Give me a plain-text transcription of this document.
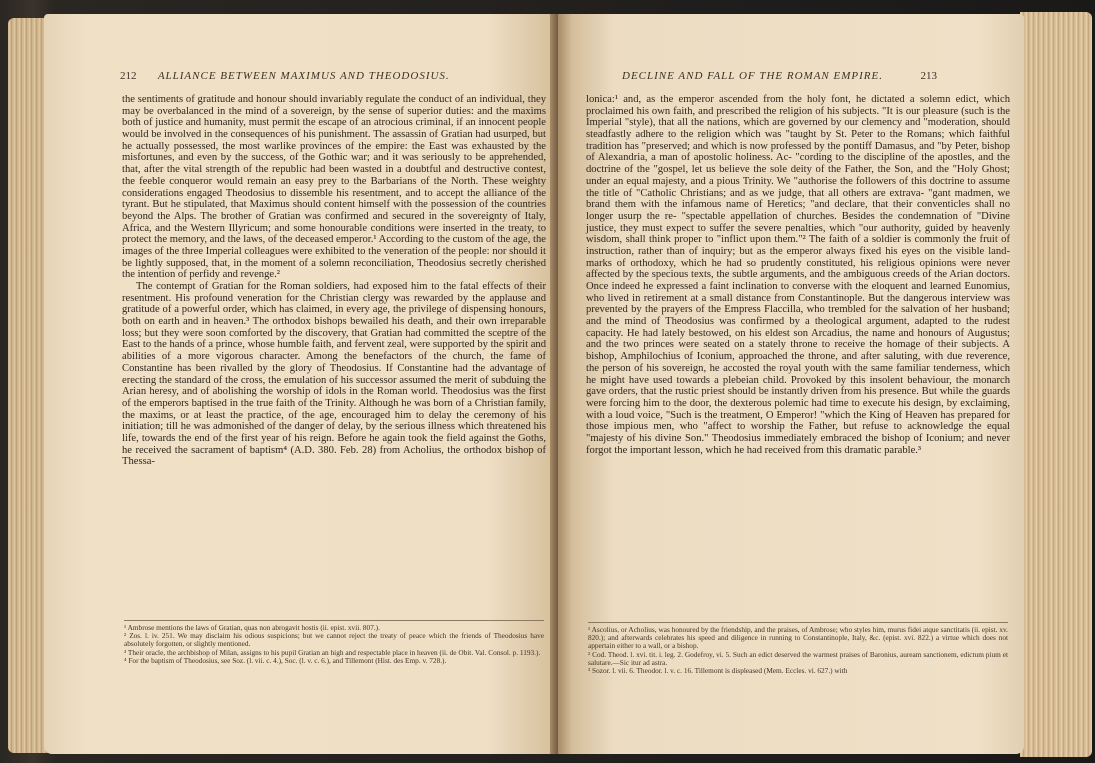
212 ALLIANCE BETWEEN MAXIMUS AND THEODOSIUS.

the sentiments of gratitude and honour should invariably regulate the conduct of an individual, they may be overbalanced in the mind of a sovereign, by the sense of superior duties: and the maxims both of justice and humanity, must permit the escape of an atrocious criminal, if an innocent people would be involved in the consequences of his punishment. The assassin of Gratian had usurped, but he actually possessed, the most warlike provinces of the empire: the East was exhausted by the misfortunes, and even by the success, of the Gothic war; and it was seriously to be apprehended, that, after the vital strength of the republic had been wasted in a doubtful and destructive contest, the feeble conqueror would remain an easy prey to the Barbarians of the North. These weighty considerations engaged Theodosius to dissemble his resentment, and to accept the alliance of the tyrant. But he stipulated, that Maximus should content himself with the possession of the countries beyond the Alps. The brother of Gratian was confirmed and secured in the sovereignty of Italy, Africa, and the Western Illyricum; and some honourable conditions were inserted in the treaty, to protect the memory, and the laws, of the deceased emperor.¹ According to the custom of the age, the images of the three Imperial colleagues were exhibited to the veneration of the people: nor should it be lightly supposed, that, in the moment of a solemn reconciliation, Theodosius secretly cherished the intention of perfidy and revenge.²

The contempt of Gratian for the Roman soldiers, had exposed him to the fatal effects of their resentment. His profound veneration for the Christian clergy was rewarded by the applause and gratitude of a powerful order, which has claimed, in every age, the privilege of dispensing honours, both on earth and in heaven.³ The orthodox bishops bewailed his death, and their own irreparable loss; but they were soon comforted by the discovery, that Gratian had committed the sceptre of the East to the hands of a prince, whose humble faith, and fervent zeal, were supported by the spirit and abilities of a more vigorous character. Among the benefactors of the church, the fame of Constantine has been rivalled by the glory of Theodosius. If Constantine had the advantage of erecting the standard of the cross, the emulation of his successor assumed the merit of subduing the Arian heresy, and of abolishing the worship of idols in the Roman world. Theodosius was the first of the emperors baptised in the true faith of the Trinity. Although he was born of a Christian family, the maxims, or at least the practice, of the age, encouraged him to delay the ceremony of his initiation; till he was admonished of the danger of delay, by the serious illness which threatened his life, towards the end of the first year of his reign. Before he again took the field against the Goths, he received the sacrament of baptism⁴ (A.D. 380. Feb. 28) from Acholius, the orthodox bishop of Thessa-

¹ Ambrose mentions the laws of Gratian, quas non abrogavit hostis (ii. epist. xvii. 807.).
² Zos. l. iv. 251. We may disclaim his odious suspicions; but we cannot reject the treaty of peace which the friends of Theodosius have absolutely forgotten, or slightly mentioned.
³ Their oracle, the archbishop of Milan, assigns to his pupil Gratian an high and respectable place in heaven (ii. de Obit. Val. Consol. p. 1193.).
⁴ For the baptism of Theodosius, see Soz. (l. vii. c. 4.), Soc. (l. v. c. 6.), and Tillemont (Hist. des Emp. v. 728.).
DECLINE AND FALL OF THE ROMAN EMPIRE.	213

lonica:¹ and, as the emperor ascended from the holy font, he dictated a solemn edict, which proclaimed his own faith, and prescribed the religion of his subjects. "It is our pleasure (such is the Imperial "style), that all the nations, which are governed by our clemency and "moderation, should steadfastly adhere to the religion which was "taught by St. Peter to the Romans; which faithful tradition has "preserved; and which is now professed by the pontiff Damasus, and "by Peter, bishop of Alexandria, a man of apostolic holiness. Ac- "cording to the discipline of the apostles, and the doctrine of the "gospel, let us believe the sole deity of the Father, the Son, and the "Holy Ghost; under an equal majesty, and a pious Trinity. We "authorise the followers of this doctrine to assume the title of "Catholic Christians; and as we judge, that all others are extrava- "gant madmen, we brand them with the infamous name of Heretics; "and declare, that their conventicles shall no longer usurp the re- "spectable appellation of churches. Besides the condemnation of "Divine justice, they must expect to suffer the severe penalties, which "our authority, guided by heavenly wisdom, shall think proper to "inflict upon them."² The faith of a soldier is commonly the fruit of instruction, rather than of inquiry; but as the emperor always fixed his eyes on the visible land-marks of orthodoxy, which he had so prudently constituted, his religious opinions were never affected by the specious texts, the subtle arguments, and the ambiguous creeds of the Arian doctors. Once indeed he expressed a faint inclination to converse with the eloquent and learned Eunomius, who lived in retirement at a small distance from Constantinople. But the dangerous interview was prevented by the prayers of the Empress Flaccilla, who trembled for the salvation of her husband; and the mind of Theodosius was confirmed by a theological argument, adapted to the rudest capacity. He had lately bestowed, on his eldest son Arcadius, the name and honours of Augustus; and the two princes were seated on a stately throne to receive the homage of their subjects. A bishop, Amphilochius of Iconium, approached the throne, and after saluting, with due reverence, the person of his sovereign, he accosted the royal youth with the same familiar tenderness, which he might have used towards a plebeian child. Provoked by this insolent behaviour, the monarch gave orders, that the rustic priest should be instantly driven from his presence. But while the guards were forcing him to the door, the dexterous polemic had time to execute his design, by exclaiming, with a loud voice, "Such is the treatment, O Emperor! "which the King of Heaven has prepared for those impious men, who "affect to worship the Father, but refuse to acknowledge the equal "majesty of his divine Son." Theodosius immediately embraced the bishop of Iconium; and never forgot the important lesson, which he had received from this dramatic parable.³

¹ Ascolius, or Acholius, was honoured by the friendship, and the praises, of Ambrose; who styles him, murus fidei atque sanctitatis (ii. epist. xv. 820.); and afterwards celebrates his speed and diligence in running to Constantinople, Italy, &c. (epist. xvi. 822.) a virtue which does not appertain either to a wall, or a bishop.
² Cod. Theod. l. xvi. tit. i. leg. 2. Godefroy, vi. 5. Such an edict deserved the warmest praises of Baronius, auream sanctionem, edictum pium et salutare.—Sic itur ad astra.
³ Sozor. l. vii. 6. Theodor. l. v. c. 16. Tillemont is displeased (Mem. Eccles. vi. 627.) with
